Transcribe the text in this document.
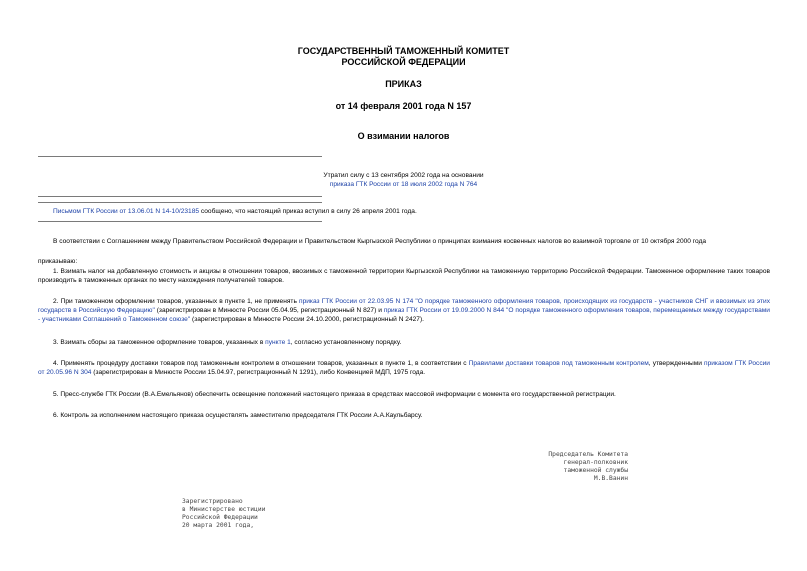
ГОСУДАРСТВЕННЫЙ ТАМОЖЕННЫЙ КОМИТЕТ
РОССИЙСКОЙ ФЕДЕРАЦИИ
ПРИКАЗ
от 14 февраля 2001 года N 157
О взимании налогов
Утратил силу с 13 сентября 2002 года на основании
приказа ГТК России от 18 июля 2002 года N 764
Письмом ГТК России от 13.06.01 N 14-10/23185 сообщено, что настоящий приказ вступил в силу 26 апреля 2001 года.
В соответствии с Соглашением между Правительством Российской Федерации и Правительством Кыргызской Республики о принципах взимания косвенных налогов во взаимной торговле от 10 октября 2000 года
приказываю:
1. Взимать налог на добавленную стоимость и акцизы в отношении товаров, ввозимых с таможенной территории Кыргызской Республики на таможенную территорию Российской Федерации. Таможенное оформление таких товаров производить в таможенных органах по месту нахождения получателей товаров.
2. При таможенном оформлении товаров, указанных в пункте 1, не применять приказ ГТК России от 22.03.95 N 174 "О порядке таможенного оформления товаров, происходящих из государств - участников СНГ и ввозимых из этих государств в Российскую Федерацию" (зарегистрирован в Минюсте России 05.04.95, регистрационный N 827) и приказ ГТК России от 19.09.2000 N 844 "О порядке таможенного оформления товаров, перемещаемых между государствами - участниками Соглашений о Таможенном союзе" (зарегистрирован в Минюсте России 24.10.2000, регистрационный N 2427).
3. Взимать сборы за таможенное оформление товаров, указанных в пункте 1, согласно установленному порядку.
4. Применять процедуру доставки товаров под таможенным контролем в отношении товаров, указанных в пункте 1, в соответствии с Правилами доставки товаров под таможенным контролем, утвержденными приказом ГТК России от 20.05.96 N 304 (зарегистрирован в Минюсте России 15.04.97, регистрационный N 1291), либо Конвенцией МДП, 1975 года.
5. Пресс-службе ГТК России (В.А.Емельянов) обеспечить освещение положений настоящего приказа в средствах массовой информации с момента его государственной регистрации.
6. Контроль за исполнением настоящего приказа осуществлять заместителю председателя ГТК России А.А.Каульбарсу.
Председатель Комитета
генерал-полковник
таможенной службы
М.В.Ванин
Зарегистрировано
в Министерстве юстиции
Российской Федерации
20 марта 2001 года,
